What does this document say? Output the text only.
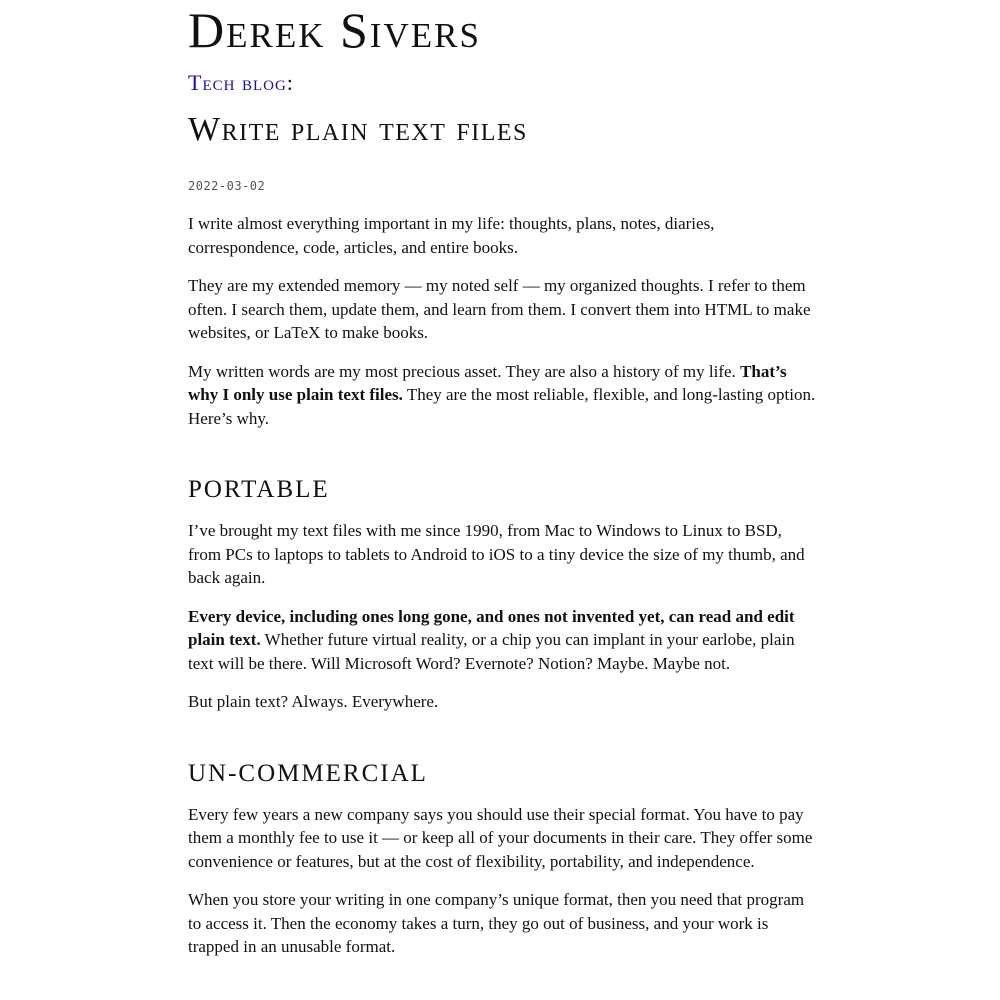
Derek Sivers
Tech blog:
Write plain text files
2022-03-02

I write almost everything important in my life: thoughts, plans, notes, diaries, correspondence, code, articles, and entire books.

They are my extended memory — my noted self — my organized thoughts. I refer to them often. I search them, update them, and learn from them. I convert them into HTML to make websites, or LaTeX to make books.

My written words are my most precious asset. They are also a history of my life. That’s why I only use plain text files. They are the most reliable, flexible, and long-lasting option. Here’s why.

PORTABLE

I’ve brought my text files with me since 1990, from Mac to Windows to Linux to BSD, from PCs to laptops to tablets to Android to iOS to a tiny device the size of my thumb, and back again.

Every device, including ones long gone, and ones not invented yet, can read and edit plain text. Whether future virtual reality, or a chip you can implant in your earlobe, plain text will be there. Will Microsoft Word? Evernote? Notion? Maybe. Maybe not.

But plain text? Always. Everywhere.

UN-COMMERCIAL

Every few years a new company says you should use their special format. You have to pay them a monthly fee to use it — or keep all of your documents in their care. They offer some convenience or features, but at the cost of flexibility, portability, and independence.

When you store your writing in one company’s unique format, then you need that program to access it. Then the economy takes a turn, they go out of business, and your work is trapped in an unusable format.
